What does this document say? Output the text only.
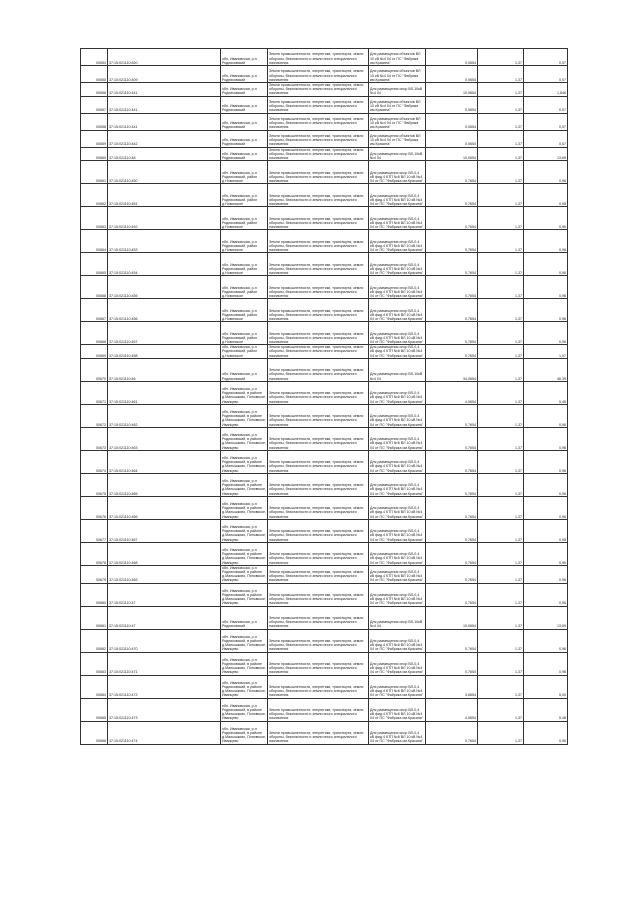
00654	37:15:021110:820	обл. Ивановская, р-н Родниковский	Земли промышленности, энергетики, транспорта, земли обороны, безопасности и земли иного специального назначения	Для размещения объектов ВЛ 10 кВ №4 04 от ПС "Фабрика им.Красина"	0,0654	1,37	0,07
00655	37:15:021110:409	обл. Ивановская, р-н Родниковский	Земли промышленности, энергетики, транспорта, земли обороны, безопасности и земли иного специального назначения	Для размещения объектов ВЛ 10 кВ №4 04 от ПС "Фабрика им.Красина"	0,0654	1,37	0,07
00656	37:15:021110:441	обл. Ивановская, р-н Родниковский	Земли промышленности, энергетики, транспорта, земли обороны, безопасности и земли иного специального назначения	Для размещения опор ВЛ-10кВ №4 04	10,9654	1,37	1,846
00657	37:15:021110:441	обл. Ивановская, р-н Родниковский	Земли промышленности, энергетики, транспорта, земли обороны, безопасности и земли иного специального назначения	Для размещения объектов ВЛ 10 кВ №4 04 от ПС "Фабрика им.Красина"	0,0654	1,37	0,07
00658	37:15:021110:441	обл. Ивановская, р-н Родниковский	Земли промышленности, энергетики, транспорта, земли обороны, безопасности и земли иного специального назначения	Для размещения объектов ВЛ 10 кВ №4 04 от ПС "Фабрика им.Красина"	0,0654	1,37	0,07
00659	37:15:021110:442	обл. Ивановская, р-н Родниковский	Земли промышленности, энергетики, транспорта, земли обороны, безопасности и земли иного специального назначения	Для размещения объектов ВЛ 10 кВ №4 04 от ПС "Фабрика им.Красина"	0,0654	1,37	0,07
00660	37:15:021110:48	обл. Ивановская, р-н Родниковский	Земли промышленности, энергетики, транспорта, земли обороны, безопасности и земли иного специального назначения	Для размещения опор ВЛ-10кВ №4 04	10,0654	1,37	13,69
00661	37:15:021110:450	обл. Ивановская, р-н Родниковский, район д.Новинское	Земли промышленности, энергетики, транспорта, земли обороны, безопасности и земли иного специального назначения	Для размещения опор ВЛ-0,4 кВ фид.4 КТП №6 ВЛ 10 кВ №4 04 от ПС "Фабрика им.Красина"	0,7654	1,37	0,96
00662	37:15:021110:451	обл. Ивановская, р-н Родниковский, район д.Новинское	Земли промышленности, энергетики, транспорта, земли обороны, безопасности и земли иного специального назначения	Для размещения опор ВЛ-0,4 кВ фид.4 КТП №6 ВЛ 10 кВ №4 04 от ПС "Фабрика им.Красина"	0,7654	1,37	0,96
00663	37:15:021110:452	обл. Ивановская, р-н Родниковский, район д.Новинское	Земли промышленности, энергетики, транспорта, земли обороны, безопасности и земли иного специального назначения	Для размещения опор ВЛ-0,4 кВ фид.4 КТП №6 ВЛ 10 кВ №4 04 от ПС "Фабрика им.Красина"	0,7654	1,37	0,96
00664	37:15:021110:453	обл. Ивановская, р-н Родниковский, район д.Новинское	Земли промышленности, энергетики, транспорта, земли обороны, безопасности и земли иного специального назначения	Для размещения опор ВЛ-0,4 кВ фид.4 КТП №6 ВЛ 10 кВ №4 04 от ПС "Фабрика им.Красина"	0,7654	1,37	0,96
00665	37:15:021110:454	обл. Ивановская, р-н Родниковский, район д.Новинское	Земли промышленности, энергетики, транспорта, земли обороны, безопасности и земли иного специального назначения	Для размещения опор ВЛ-0,4 кВ фид.4 КТП №6 ВЛ 10 кВ №4 04 от ПС "Фабрика им.Красина"	0,7654	1,37	0,96
00666	37:15:021110:455	обл. Ивановская, р-н Родниковский, район д.Новинское	Земли промышленности, энергетики, транспорта, земли обороны, безопасности и земли иного специального назначения	Для размещения опор ВЛ-0,4 кВ фид.4 КТП №6 ВЛ 10 кВ №4 04 от ПС "Фабрика им.Красина"	0,7654	1,37	0,96
00667	37:15:021110:456	обл. Ивановская, р-н Родниковский, район д.Новинское	Земли промышленности, энергетики, транспорта, земли обороны, безопасности и земли иного специального назначения	Для размещения опор ВЛ-0,4 кВ фид.4 КТП №6 ВЛ 10 кВ №4 04 от ПС "Фабрика им.Красина"	0,7654	1,37	0,96
00668	37:15:021110:457	обл. Ивановская, р-н Родниковский, район д.Новинское	Земли промышленности, энергетики, транспорта, земли обороны, безопасности и земли иного специального назначения	Для размещения опор ВЛ-0,4 кВ фид.4 КТП №6 ВЛ 10 кВ №4 04 от ПС "Фабрика им.Красина"	0,7654	1,37	0,96
00669	37:15:021110:458	обл. Ивановская, р-н Родниковский, район д.Новинское	Земли промышленности, энергетики, транспорта, земли обороны, безопасности и земли иного специального назначения	Для размещения опор ВЛ-0,4 кВ фид.4 КТП №6 ВЛ 10 кВ №4 04 от ПС "Фабрика им.Красина"	0,7654	1,37	1,07
00670	37:15:021110:46	обл. Ивановская, р-н Родниковский	Земли промышленности, энергетики, транспорта, земли обороны, безопасности и земли иного специального назначения	Для размещения опор ВЛ-10кВ №4 04	34,0654	1,37	46,39
00671	37:15:021110:461	обл. Ивановская, р-н Родниковский, в районе д.Малышково, Поповское, Иванцево	Земли промышленности, энергетики, транспорта, земли обороны, безопасности и земли иного специального назначения	Для размещения опор ВЛ-0,4 кВ фид.4 КТП №6 ВЛ 10 кВ №4 04 от ПС "Фабрика им.Красина"	4,0654	1,37	5,48
00672	37:15:021110:462	обл. Ивановская, р-н Родниковский, в районе д.Малышково, Поповское, Иванцево	Земли промышленности, энергетики, транспорта, земли обороны, безопасности и земли иного специального назначения	Для размещения опор ВЛ-0,4 кВ фид.4 КТП №6 ВЛ 10 кВ №4 04 от ПС "Фабрика им.Красина"	0,7654	1,37	0,96
00673	37:15:021110:463	обл. Ивановская, р-н Родниковский, в районе д.Малышково, Поповское, Иванцево	Земли промышленности, энергетики, транспорта, земли обороны, безопасности и земли иного специального назначения	Для размещения опор ВЛ-0,4 кВ фид.4 КТП №6 ВЛ 10 кВ №4 04 от ПС "Фабрика им.Красина"	0,7654	1,37	0,96
00674	37:15:021110:464	обл. Ивановская, р-н Родниковский, в районе д.Малышково, Поповское, Иванцево	Земли промышленности, энергетики, транспорта, земли обороны, безопасности и земли иного специального назначения	Для размещения опор ВЛ-0,4 кВ фид.4 КТП №6 ВЛ 10 кВ №4 04 от ПС "Фабрика им.Красина"	0,7654	1,37	0,96
00675	37:15:021110:465	обл. Ивановская, р-н Родниковский, в районе д.Малышково, Поповское, Иванцево	Земли промышленности, энергетики, транспорта, земли обороны, безопасности и земли иного специального назначения	Для размещения опор ВЛ-0,4 кВ фид.4 КТП №6 ВЛ 10 кВ №4 04 от ПС "Фабрика им.Красина"	0,7654	1,37	0,96
00676	37:15:021110:466	обл. Ивановская, р-н Родниковский, в районе д.Малышково, Поповское, Иванцево	Земли промышленности, энергетики, транспорта, земли обороны, безопасности и земли иного специального назначения	Для размещения опор ВЛ-0,4 кВ фид.4 КТП №6 ВЛ 10 кВ №4 04 от ПС "Фабрика им.Красина"	0,7654	1,37	0,96
00677	37:15:021110:467	обл. Ивановская, р-н Родниковский, в районе д.Малышково, Поповское, Иванцево	Земли промышленности, энергетики, транспорта, земли обороны, безопасности и земли иного специального назначения	Для размещения опор ВЛ-0,4 кВ фид.4 КТП №6 ВЛ 10 кВ №4 04 от ПС "Фабрика им.Красина"	0,7654	1,37	0,96
00678	37:15:021110:468	обл. Ивановская, р-н Родниковский, в районе д.Малышково, Поповское, Иванцево	Земли промышленности, энергетики, транспорта, земли обороны, безопасности и земли иного специального назначения	Для размещения опор ВЛ-0,4 кВ фид.4 КТП №6 ВЛ 10 кВ №4 04 от ПС "Фабрика им.Красина"	0,7654	1,37	0,96
00679	37:15:021110:469	обл. Ивановская, р-н Родниковский, в районе д.Малышково, Поповское, Иванцево	Земли промышленности, энергетики, транспорта, земли обороны, безопасности и земли иного специального назначения	Для размещения опор ВЛ-0,4 кВ фид.4 КТП №6 ВЛ 10 кВ №4 04 от ПС "Фабрика им.Красина"	0,7654	1,37	0,96
00680	37:15:021110:47	обл. Ивановская, р-н Родниковский, в районе д.Малышково, Поповское, Иванцево	Земли промышленности, энергетики, транспорта, земли обороны, безопасности и земли иного специального назначения	Для размещения опор ВЛ-0,4 кВ фид.4 КТП №6 ВЛ 10 кВ №4 04 от ПС "Фабрика им.Красина"	0,7654	1,37	0,96
00681	37:15:021110:47	обл. Ивановская, р-н Родниковский	Земли промышленности, энергетики, транспорта, земли обороны, безопасности и земли иного специального назначения	Для размещения опор ВЛ-10кВ №4 04	10,0654	1,37	13,69
00682	37:15:021110:470	обл. Ивановская, р-н Родниковский, в районе д.Малышково, Поповское, Иванцево	Земли промышленности, энергетики, транспорта, земли обороны, безопасности и земли иного специального назначения	Для размещения опор ВЛ-0,4 кВ фид.4 КТП №6 ВЛ 10 кВ №4 04 от ПС "Фабрика им.Красина"	0,7654	1,37	0,96
00683	37:15:021110:471	обл. Ивановская, р-н Родниковский, в районе д.Малышково, Поповское, Иванцево	Земли промышленности, энергетики, транспорта, земли обороны, безопасности и земли иного специального назначения	Для размещения опор ВЛ-0,4 кВ фид.4 КТП №6 ВЛ 10 кВ №4 04 от ПС "Фабрика им.Красина"	0,7654	1,37	0,96
00684	37:15:021110:472	обл. Ивановская, р-н Родниковский, в районе д.Малышково, Поповское, Иванцево	Земли промышленности, энергетики, транспорта, земли обороны, безопасности и земли иного специального назначения	Для размещения опор ВЛ-0,4 кВ фид.4 КТП №6 ВЛ 10 кВ №4 04 от ПС "Фабрика им.Красина"	3,6654	1,37	5,00
00685	37:15:021110:473	обл. Ивановская, р-н Родниковский, в районе д.Малышково, Поповское, Иванцево	Земли промышленности, энергетики, транспорта, земли обороны, безопасности и земли иного специального назначения	Для размещения опор ВЛ-0,4 кВ фид.4 КТП №6 ВЛ 10 кВ №4 04 от ПС "Фабрика им.Красина"	4,0654	1,37	5,48
00686	37:15:021110:474	обл. Ивановская, р-н Родниковский, в районе д.Малышково, Поповское, Иванцево	Земли промышленности, энергетики, транспорта, земли обороны, безопасности и земли иного специального назначения	Для размещения опор ВЛ-0,4 кВ фид.4 КТП №6 ВЛ 10 кВ №4 04 от ПС "Фабрика им.Красина"	0,7654	1,37	0,96
